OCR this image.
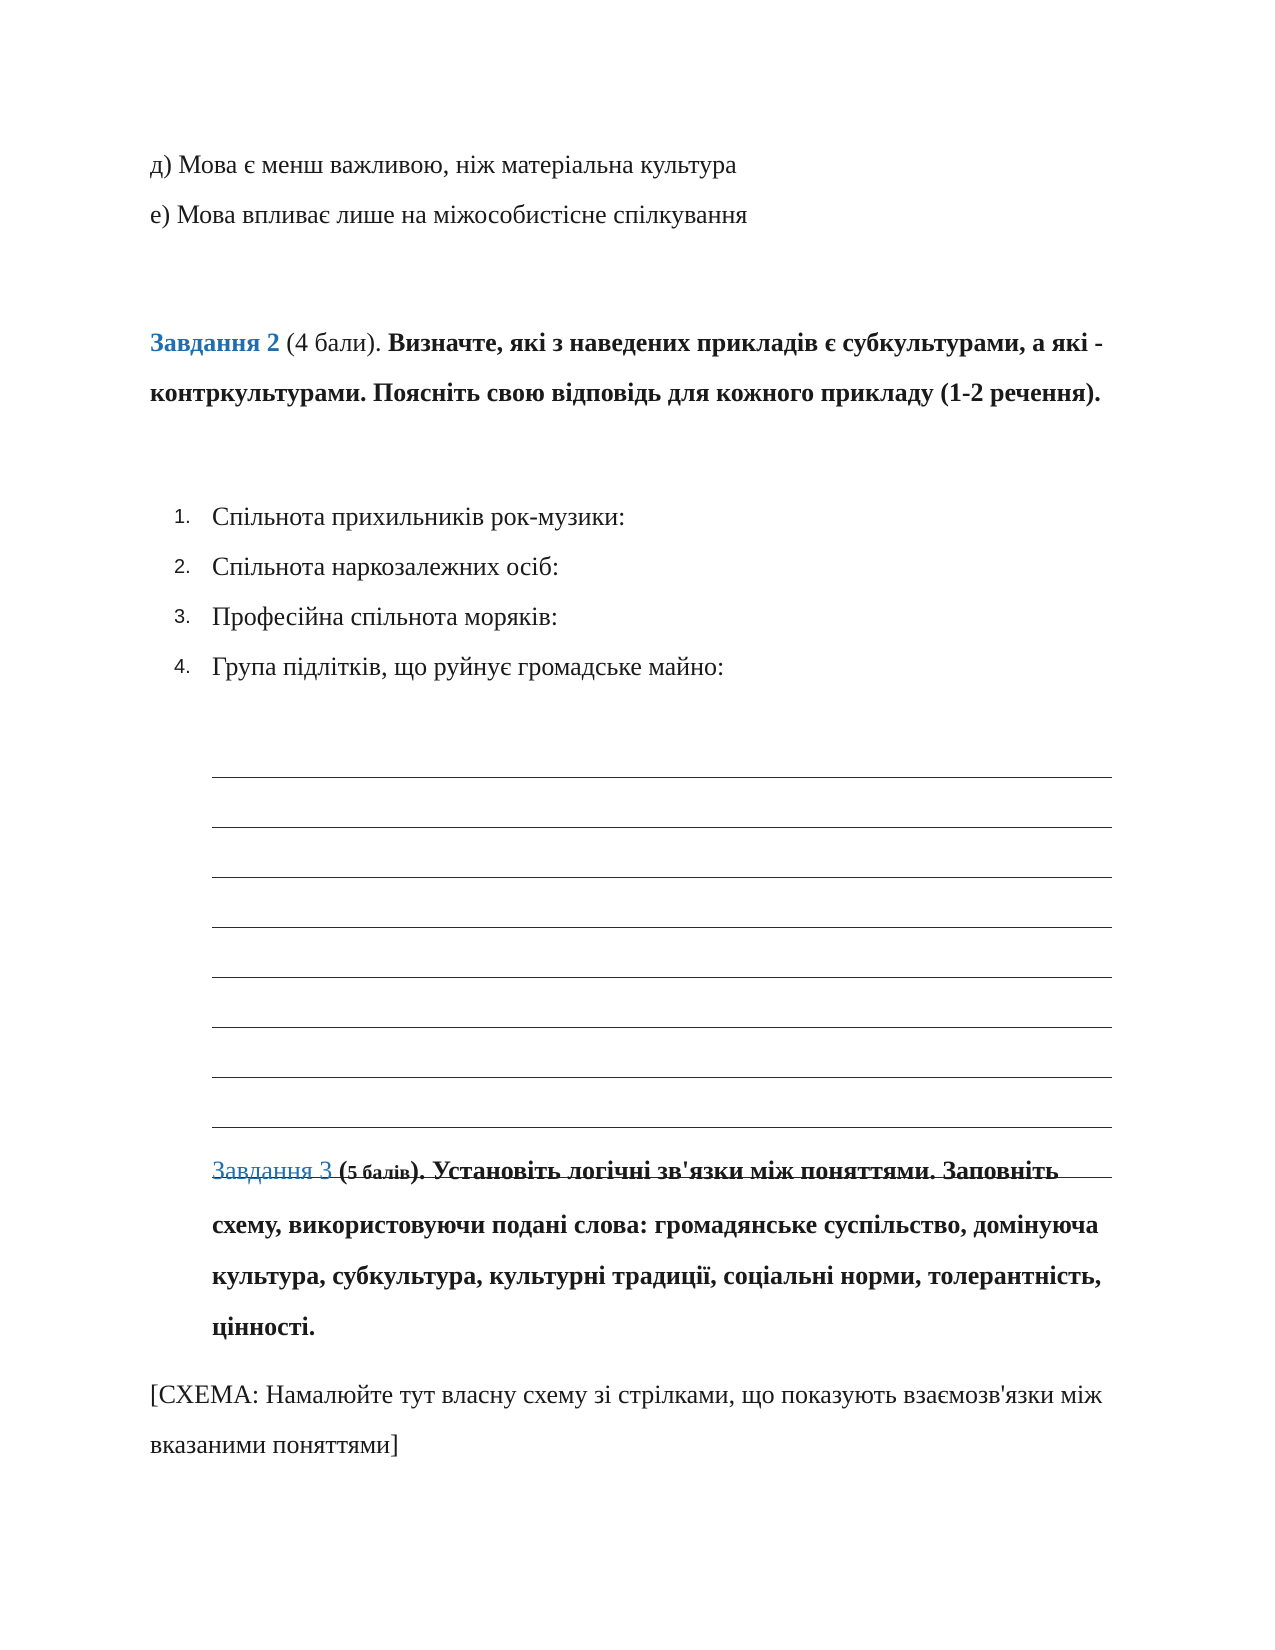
д) Мова є менш важливою, ніж матеріальна культура
е) Мова впливає лише на міжособистісне спілкування
Завдання 2 (4 бали). Визначте, які з наведених прикладів є субкультурами, а які - контркультурами. Поясніть свою відповідь для кожного прикладу (1-2 речення).
1. Спільнота прихильників рок-музики:
2. Спільнота наркозалежних осіб:
3. Професійна спільнота моряків:
4. Група підлітків, що руйнує громадське майно:
Завдання 3 (5 балів). Установіть логічні зв'язки між поняттями. Заповніть схему, використовуючи подані слова: громадянське суспільство, домінуюча культура, субкультура, культурні традиції, соціальні норми, толерантність, цінності.
[СХЕМА: Намалюйте тут власну схему зі стрілками, що показують взаємозв'язки між вказаними поняттями]
